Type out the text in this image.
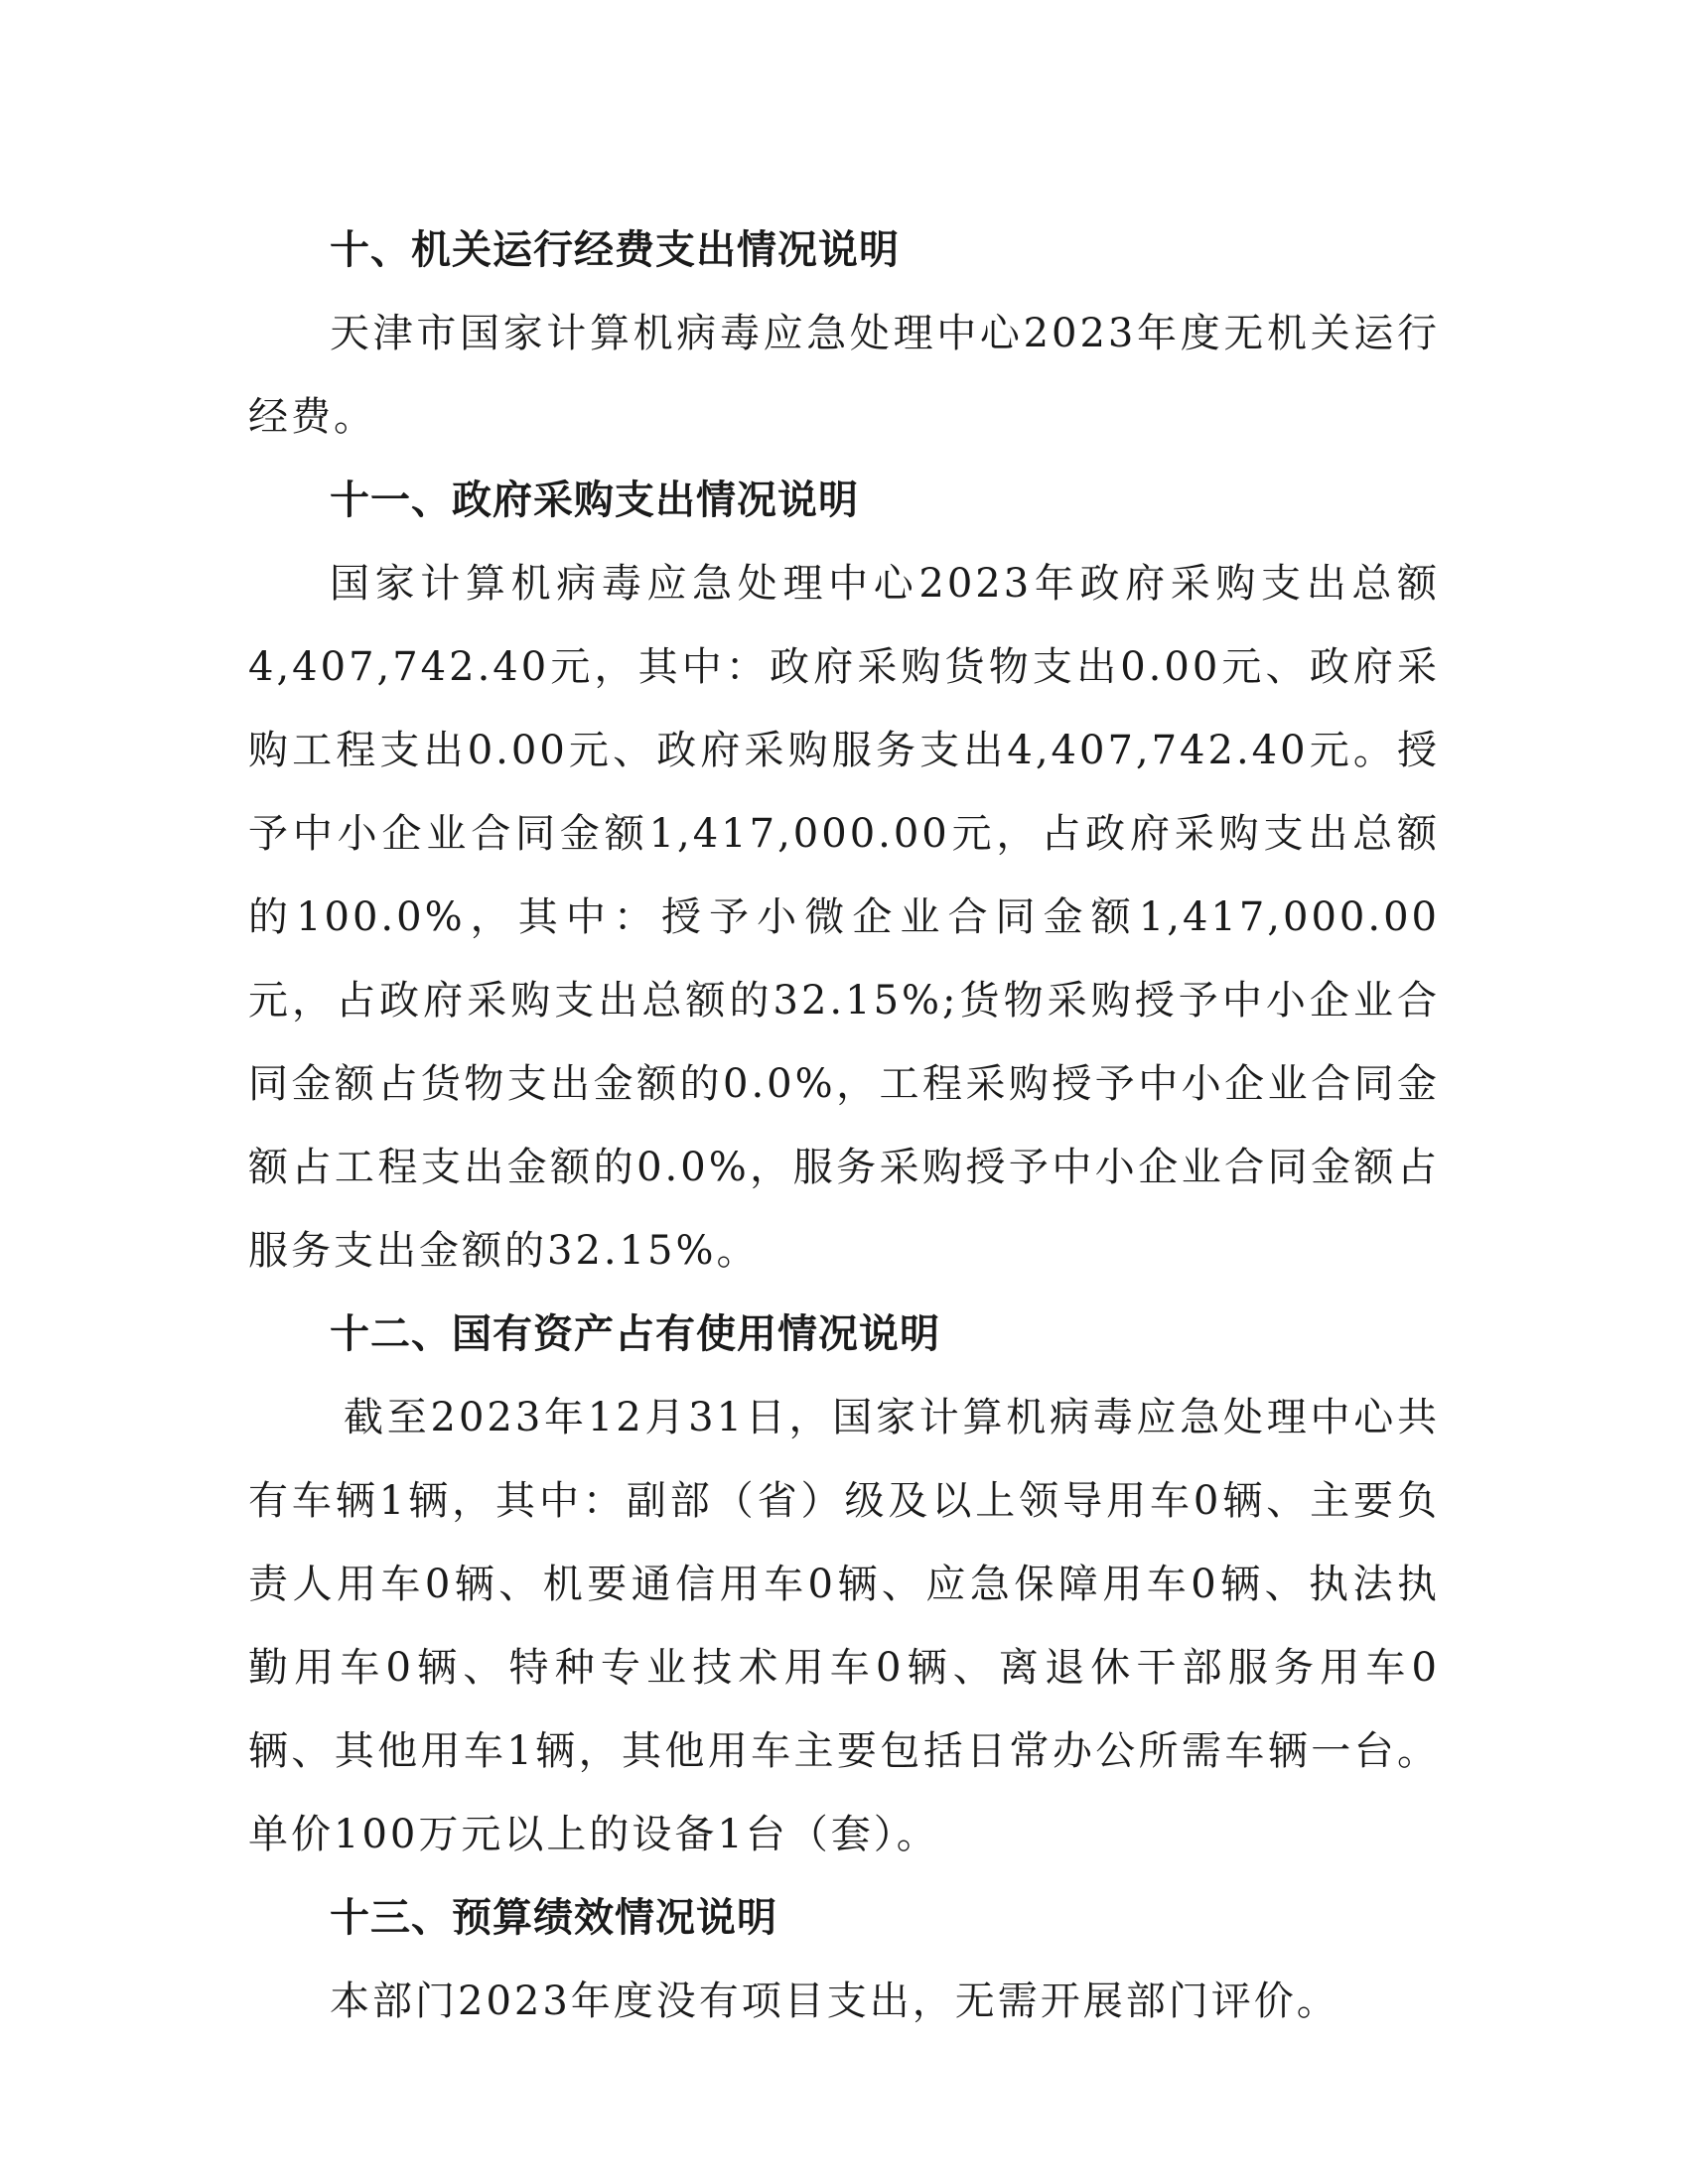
十、机关运行经费支出情况说明

天津市国家计算机病毒应急处理中心2023年度无机关运行经费。

十一、政府采购支出情况说明

国家计算机病毒应急处理中心2023年政府采购支出总额4,407,742.40元，其中：政府采购货物支出0.00元、政府采购工程支出0.00元、政府采购服务支出4,407,742.40元。授予中小企业合同金额1,417,000.00元，占政府采购支出总额的100.0%，其中：授予小微企业合同金额1,417,000.00元，占政府采购支出总额的32.15%;货物采购授予中小企业合同金额占货物支出金额的0.0%，工程采购授予中小企业合同金额占工程支出金额的0.0%，服务采购授予中小企业合同金额占服务支出金额的32.15%。

十二、国有资产占有使用情况说明

截至2023年12月31日，国家计算机病毒应急处理中心共有车辆1辆，其中：副部（省）级及以上领导用车0辆、主要负责人用车0辆、机要通信用车0辆、应急保障用车0辆、执法执勤用车0辆、特种专业技术用车0辆、离退休干部服务用车0辆、其他用车1辆，其他用车主要包括日常办公所需车辆一台。单价100万元以上的设备1台（套）。

十三、预算绩效情况说明

本部门2023年度没有项目支出，无需开展部门评价。
